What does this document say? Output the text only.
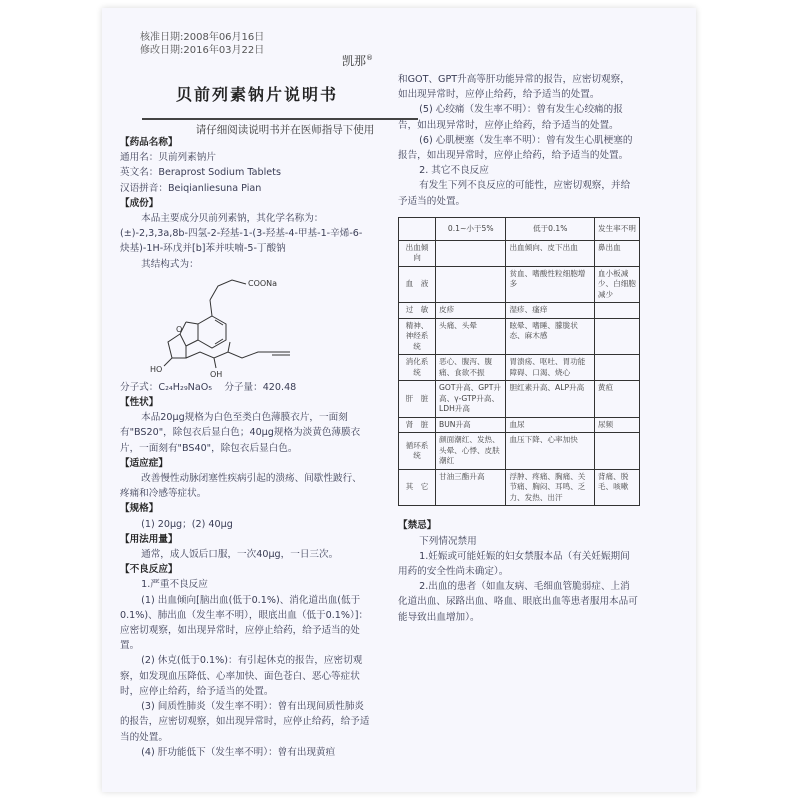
核准日期:2008年06月16日
修改日期:2016年03月22日
凯那®
贝前列素钠片说明书
请仔细阅读说明书并在医师指导下使用

【药品名称】

通用名：贝前列素钠片

英文名：Beraprost Sodium Tablets

汉语拼音：Beiqianliesuna Pian

【成份】

本品主要成分贝前列素钠，其化学名称为：(±)-2,3,3a,8b-四氢-2-羟基-1-(3-羟基-4-甲基-1-辛烯-6-炔基)-1H-环戊并[b]苯并呋喃-5-丁酸钠

其结构式为：

COONa
O
HO
OH

分子式：C₂₄H₂₉NaO₅ 分子量：420.48

【性状】

本品20μg规格为白色至类白色薄膜衣片，一面刻有"BS20"，除包衣后显白色；40μg规格为淡黄色薄膜衣片，一面刻有"BS40"，除包衣后显白色。

【适应症】

改善慢性动脉闭塞性疾病引起的溃疡、间歇性跛行、疼痛和冷感等症状。

【规格】

(1) 20μg；(2) 40μg

【用法用量】

通常，成人饭后口服，一次40μg，一日三次。

【不良反应】

1.严重不良反应

(1) 出血倾向[脑出血(低于0.1%)、消化道出血(低于0.1%)、肺出血（发生率不明），眼底出血（低于0.1%）]：应密切观察，如出现异常时，应停止给药，给予适当的处置。

(2) 休克(低于0.1%)：有引起休克的报告，应密切观察，如发现血压降低、心率加快、面色苍白、恶心等症状时，应停止给药，给予适当的处置。

(3) 间质性肺炎（发生率不明）：曾有出现间质性肺炎的报告，应密切观察，如出现异常时，应停止给药，给予适当的处置。

(4) 肝功能低下（发生率不明）：曾有出现黄疸

和GOT、GPT升高等肝功能异常的报告，应密切观察，如出现异常时，应停止给药，给予适当的处置。

(5) 心绞痛（发生率不明）：曾有发生心绞痛的报告，如出现异常时，应停止给药，给予适当的处置。

(6) 心肌梗塞（发生率不明）：曾有发生心肌梗塞的报告，如出现异常时，应停止给药，给予适当的处置。

2. 其它不良反应

有发生下列不良反应的可能性，应密切观察，并给予适当的处置。

	0.1~小于5%	低于0.1%	发生率不明
出血倾向		出血倾向、皮下出血	鼻出血
血　液		贫血、嗜酸性粒细胞增多	血小板减少、白细胞减少
过　敏	皮疹	湿疹、瘙痒	
精神、神经系统	头痛、头晕	眩晕、嗜睡、朦胧状态、麻木感	
消化系统	恶心、腹泻、腹痛、食欲不振	胃溃疡、呕吐、胃功能障碍、口渴、烧心	
肝　脏	GOT升高、GPT升高、γ-GTP升高、LDH升高	胆红素升高、ALP升高	黄疸
肾　脏	BUN升高	血尿	尿频
循环系统	颜面潮红、发热、头晕、心悸、皮肤潮红	血压下降、心率加快	
其　它	甘油三酯升高	浮肿、疼痛、胸痛、关节痛、胸闷、耳鸣、乏力、发热、出汗	背痛、脱毛、咳嗽

【禁忌】

下列情况禁用

1.妊娠或可能妊娠的妇女禁服本品（有关妊娠期间用药的安全性尚未确定）。

2.出血的患者（如血友病、毛细血管脆弱症、上消化道出血、尿路出血、咯血、眼底出血等患者服用本品可能导致出血增加）。
